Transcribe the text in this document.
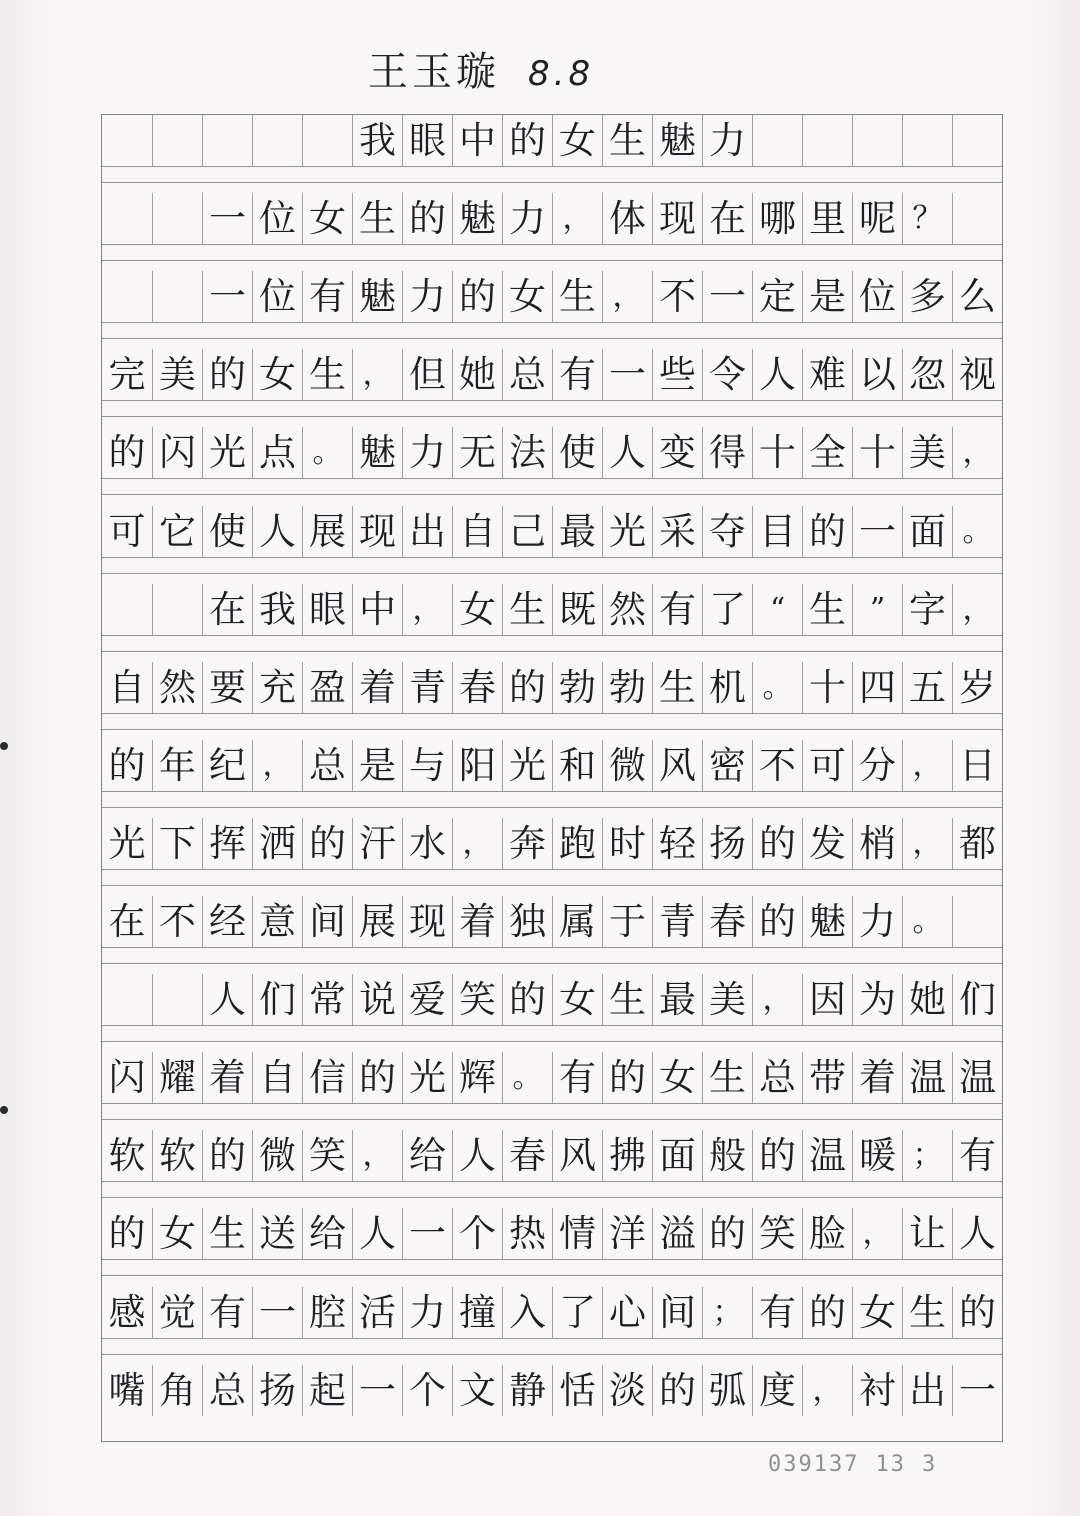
王玉璇 8.8
我 眼 中 的 女 生 魅 力
一 位 女 生 的 魅 力 ， 体 现 在 哪 里 呢 ？
一 位 有 魅 力 的 女 生 ， 不 一 定 是 位 多 么
完 美 的 女 生 ， 但 她 总 有 一 些 令 人 难 以 忽 视
的 闪 光 点 。 魅 力 无 法 使 人 变 得 十 全 十 美 ，
可 它 使 人 展 现 出 自 己 最 光 采 夺 目 的 一 面 。
在 我 眼 中 ， 女 生 既 然 有 了 “ 生 ” 字 ，
自 然 要 充 盈 着 青 春 的 勃 勃 生 机 。 十 四 五 岁
的 年 纪 ， 总 是 与 阳 光 和 微 风 密 不 可 分 ， 日
光 下 挥 洒 的 汗 水 ， 奔 跑 时 轻 扬 的 发 梢 ， 都
在 不 经 意 间 展 现 着 独 属 于 青 春 的 魅 力 。
人 们 常 说 爱 笑 的 女 生 最 美 ， 因 为 她 们
闪 耀 着 自 信 的 光 辉 。 有 的 女 生 总 带 着 温 温
软 软 的 微 笑 ， 给 人 春 风 拂 面 般 的 温 暖 ； 有
的 女 生 送 给 人 一 个 热 情 洋 溢 的 笑 脸 ， 让 人
感 觉 有 一 腔 活 力 撞 入 了 心 间 ； 有 的 女 生 的
嘴 角 总 扬 起 一 个 文 静 恬 淡 的 弧 度 ， 衬 出 一
039137 13 3
